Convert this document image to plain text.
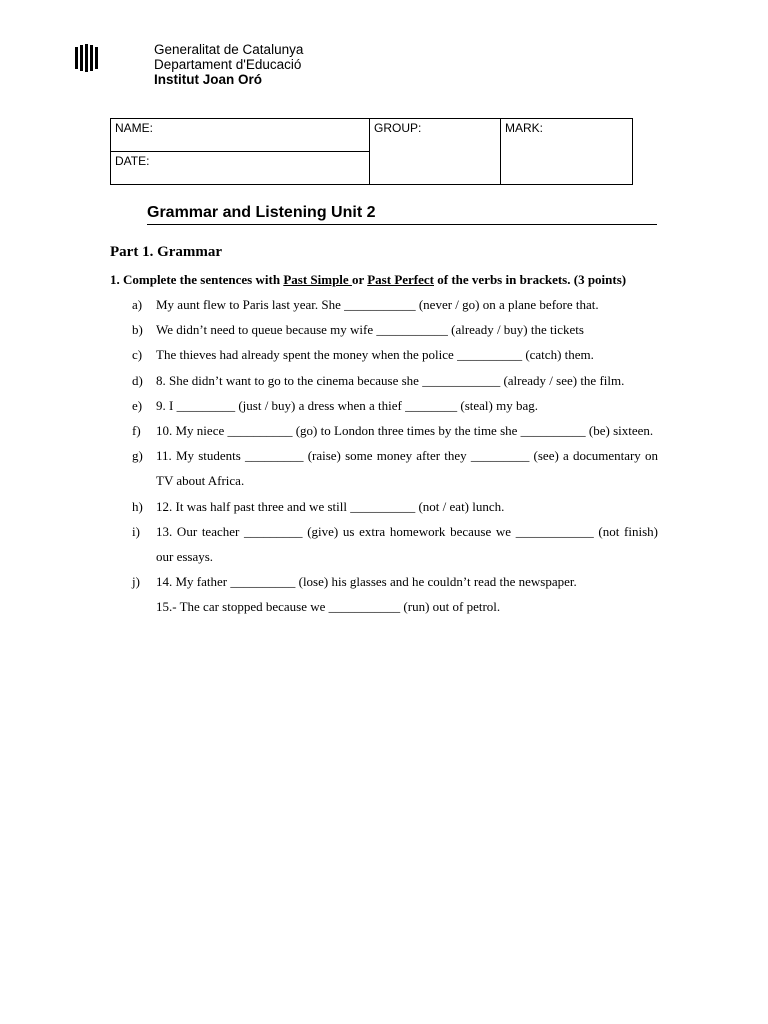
Generalitat de Catalunya
Departament d'Educació
Institut Joan Oró
NAME:	GROUP:	MARK:
DATE:
Grammar and Listening Unit 2
Part 1. Grammar
1. Complete the sentences with Past Simple or Past Perfect of the verbs in brackets. (3 points)
a) My aunt flew to Paris last year. She ___________ (never / go) on a plane before that.
b) We didn’t need to queue because my wife ___________ (already / buy) the tickets
c) The thieves had already spent the money when the police __________ (catch) them.
d) 8. She didn’t want to go to the cinema because she ____________ (already / see) the film.
e) 9. I _________ (just / buy) a dress when a thief ________ (steal) my bag.
f) 10. My niece __________ (go) to London three times by the time she __________ (be) sixteen.
g) 11. My students _________ (raise) some money after they _________ (see) a documentary on TV about Africa.
h) 12. It was half past three and we still __________ (not / eat) lunch.
i) 13. Our teacher _________ (give) us extra homework because we ____________ (not finish) our essays.
j) 14. My father __________ (lose) his glasses and he couldn’t read the newspaper.
15.- The car stopped because we ___________ (run) out of petrol.
